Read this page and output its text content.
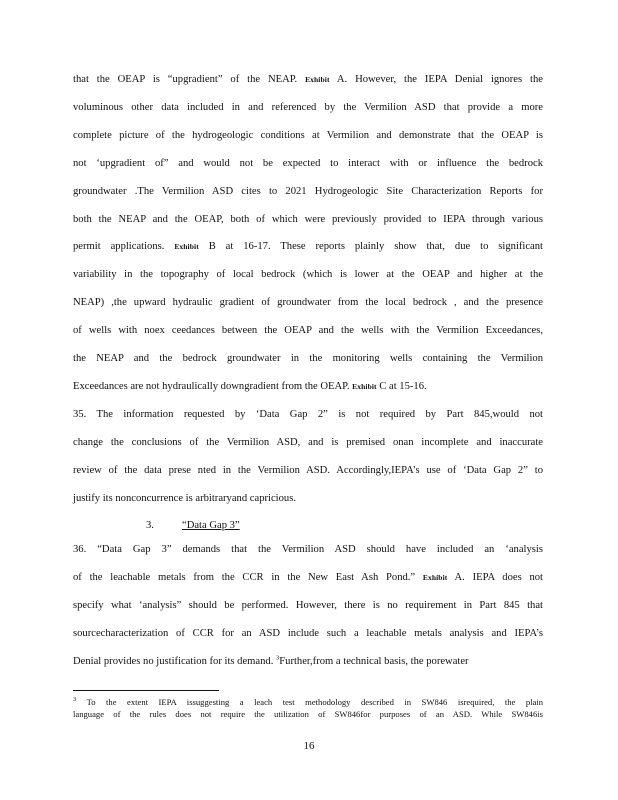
that the OEAP is “upgradient” of the NEAP. Exhibit A. However, the IEPA Denial ignores the
voluminous other data included in and referenced by the Vermilion ASD that provide a more
complete picture of the hydrogeologic conditions at Vermilion and demonstrate that the OEAP is
not ‘upgradient of” and would not be expected to interact with or influence the bedrock
groundwater .The Vermilion ASD cites to 2021 Hydrogeologic Site Characterization Reports for
both the NEAP and the OEAP, both of which were previously provided to IEPA through various
permit applications. Exhibit B at 16-17. These reports plainly show that, due to significant
variability in the topography of local bedrock (which is lower at the OEAP and higher at the
NEAP) ,the upward hydraulic gradient of groundwater from the local bedrock , and the presence
of wells with noex ceedances between the OEAP and the wells with the Vermilion Exceedances,
the NEAP and the bedrock groundwater in the monitoring wells containing the Vermilion
Exceedances are not hydraulically downgradient from the OEAP. Exhibit C at 15-16.
35. The information requested by ‘Data Gap 2” is not required by Part 845,would not
change the conclusions of the Vermilion ASD, and is premised onan incomplete and inaccurate
review of the data prese nted in the Vermilion ASD. Accordingly,IEPA’s use of ‘Data Gap 2” to
justify its nonconcurrence is arbitraryand capricious.
3.	“Data Gap 3”
36. “Data Gap 3” demands that the Vermilion ASD should have included an ‘analysis
of the leachable metals from the CCR in the New East Ash Pond.” Exhibit A. IEPA does not
specify what ‘analysis” should be performed. However, there is no requirement in Part 845 that
sourcecharacterization of CCR for an ASD include such a leachable metals analysis and IEPA’s
Denial provides no justification for its demand. $^3$Further,from a technical basis, the porewater
$^3$ To the extent IEPA issuggesting a leach test methodology described in SW846 isrequired, the plain
language of the rules does not require the utilization of SW846for purposes of an ASD. While SW846is
16
